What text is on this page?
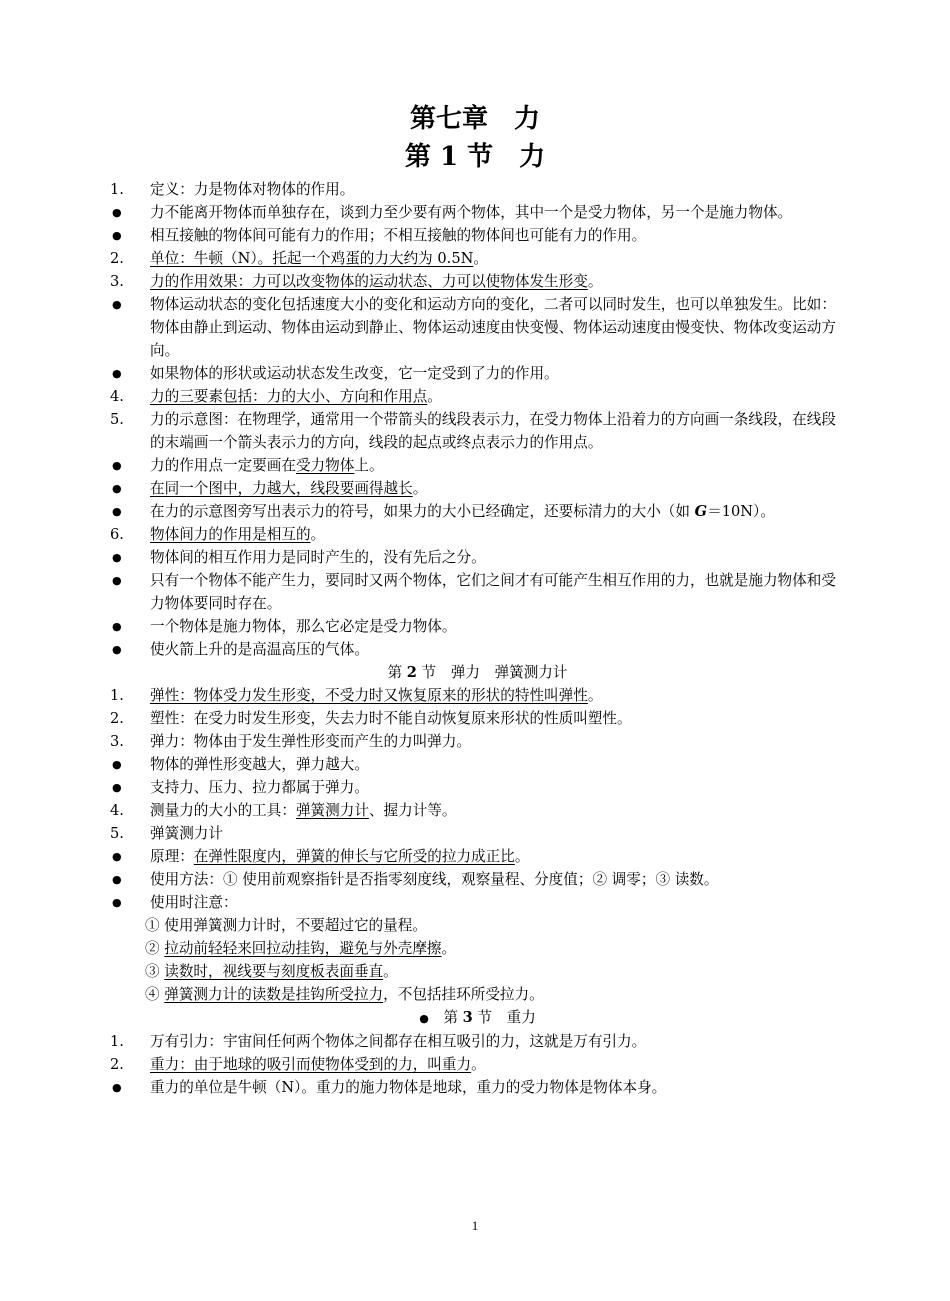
第七章　力
第 1 节　力
1.	定义：力是物体对物体的作用。
●	力不能离开物体而单独存在，谈到力至少要有两个物体，其中一个是受力物体，另一个是施力物体。
●	相互接触的物体间可能有力的作用；不相互接触的物体间也可能有力的作用。
2.	单位：牛顿（N）。托起一个鸡蛋的力大约为 0.5N。
3.	力的作用效果：力可以改变物体的运动状态、力可以使物体发生形变。
●	物体运动状态的变化包括速度大小的变化和运动方向的变化，二者可以同时发生，也可以单独发生。比如：物体由静止到运动、物体由运动到静止、物体运动速度由快变慢、物体运动速度由慢变快、物体改变运动方向。
●	如果物体的形状或运动状态发生改变，它一定受到了力的作用。
4.	力的三要素包括：力的大小、方向和作用点。
5.	力的示意图：在物理学，通常用一个带箭头的线段表示力，在受力物体上沿着力的方向画一条线段，在线段的末端画一个箭头表示力的方向，线段的起点或终点表示力的作用点。
●	力的作用点一定要画在受力物体上。
●	在同一个图中，力越大，线段要画得越长。
●	在力的示意图旁写出表示力的符号，如果力的大小已经确定，还要标清力的大小（如 G＝10N）。
6.	物体间力的作用是相互的。
●	物体间的相互作用力是同时产生的，没有先后之分。
●	只有一个物体不能产生力，要同时又两个物体，它们之间才有可能产生相互作用的力，也就是施力物体和受力物体要同时存在。
●	一个物体是施力物体，那么它必定是受力物体。
●	使火箭上升的是高温高压的气体。
第 2 节　弹力　弹簧测力计
1.	弹性：物体受力发生形变，不受力时又恢复原来的形状的特性叫弹性。
2.	塑性：在受力时发生形变，失去力时不能自动恢复原来形状的性质叫塑性。
3.	弹力：物体由于发生弹性形变而产生的力叫弹力。
●	物体的弹性形变越大，弹力越大。
●	支持力、压力、拉力都属于弹力。
4.	测量力的大小的工具：弹簧测力计、握力计等。
5.	弹簧测力计
●	原理：在弹性限度内，弹簧的伸长与它所受的拉力成正比。
●	使用方法：① 使用前观察指针是否指零刻度线，观察量程、分度值；② 调零；③ 读数。
●	使用时注意：
① 使用弹簧测力计时，不要超过它的量程。
② 拉动前轻轻来回拉动挂钩，避免与外壳摩擦。
③ 读数时，视线要与刻度板表面垂直。
④ 弹簧测力计的读数是挂钩所受拉力，不包括挂环所受拉力。
●　 第 3 节　重力
1.	万有引力：宇宙间任何两个物体之间都存在相互吸引的力，这就是万有引力。
2.	重力：由于地球的吸引而使物体受到的力，叫重力。
●	重力的单位是牛顿（N）。重力的施力物体是地球，重力的受力物体是物体本身。
1
